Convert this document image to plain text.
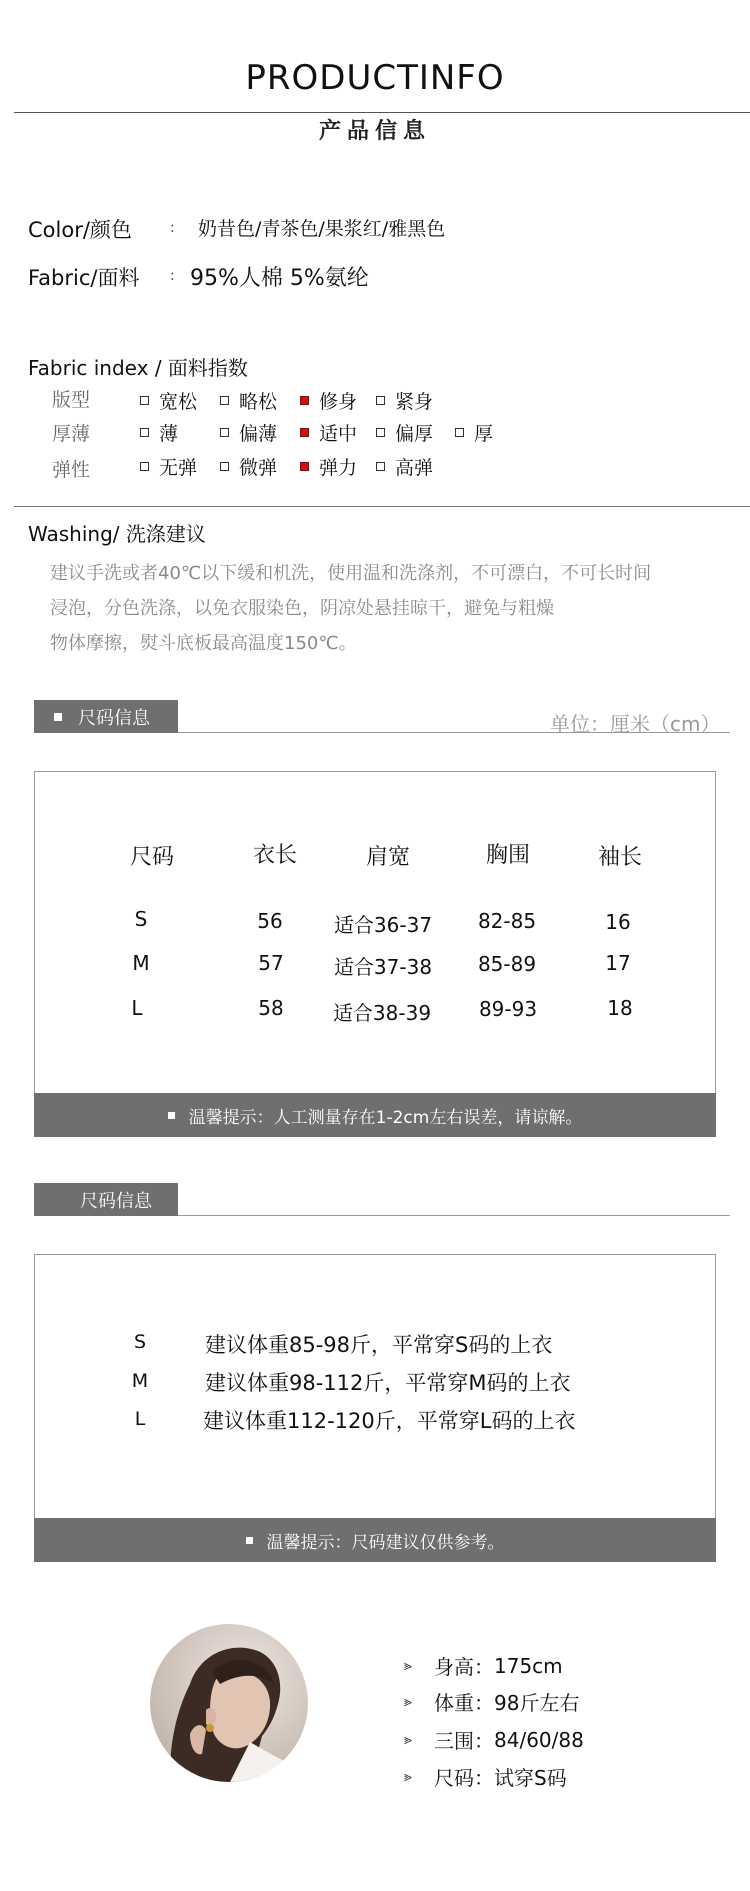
PRODUCTINFO
产品信息
Color/颜色	: 奶昔色/青茶色/果浆红/雅黑色
Fabric/面料 : 95%人棉 5%氨纶
Fabric index / 面料指数
版型	宽松 略松 修身 紧身
厚薄	薄	偏薄 适中 偏厚 厚
弹性	无弹 微弹 弹力 高弹
Washing/ 洗涤建议
建议手洗或者40℃以下缓和机洗，使用温和洗涤剂，不可漂白，不可长时间
浸泡，分色洗涤，以免衣服染色，阴凉处悬挂晾干，避免与粗燥
物体摩擦，熨斗底板最高温度150℃。
尺码信息	单位：厘米（cm）
尺码	衣长	肩宽	胸围	袖长
S	56	适合36-37	82-85	16
M	57	适合37-38	85-89	17
L	58	适合38-39	89-93	18
温馨提示：人工测量存在1-2cm左右误差，请谅解。
尺码信息
S	建议体重85-98斤，平常穿S码的上衣
M	建议体重98-112斤，平常穿M码的上衣
L	建议体重112-120斤，平常穿L码的上衣
温馨提示：尺码建议仅供参考。
⪢	身高： 175cm
⪢	体重： 98斤左右
⪢	三围： 84/60/88
⪢	尺码： 试穿S码
